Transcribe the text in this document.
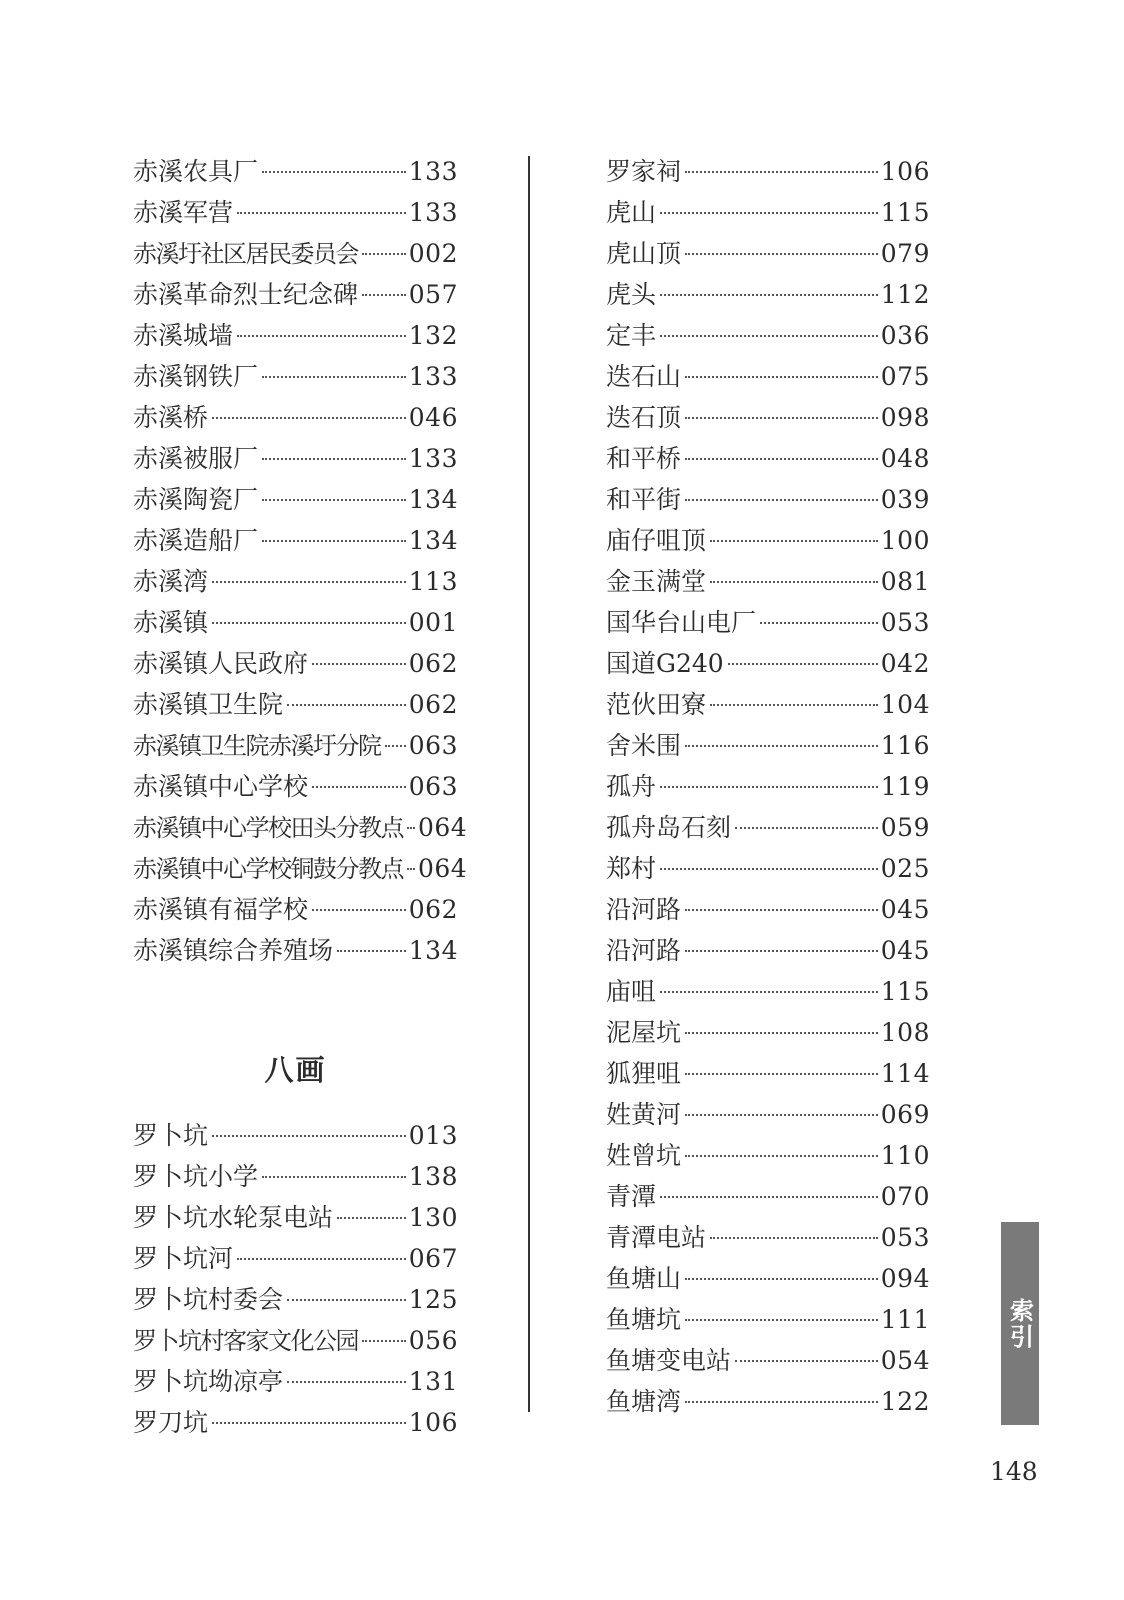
赤溪农具厂	133
赤溪军营	133
赤溪圩社区居民委员会 002
赤溪革命烈士纪念碑 057
赤溪城墙	132
赤溪钢铁厂	133
赤溪桥	046
赤溪被服厂	133
赤溪陶瓷厂	134
赤溪造船厂	134
赤溪湾	113
赤溪镇	001
赤溪镇人民政府	062
赤溪镇卫生院	062
赤溪镇卫生院赤溪圩分院 063
赤溪镇中心学校	063
赤溪镇中心学校田头分教点 064
赤溪镇中心学校铜鼓分教点 064
赤溪镇有福学校	062
赤溪镇综合养殖场	134
八画
罗卜坑	013
罗卜坑小学	138
罗卜坑水轮泵电站	130
罗卜坑河	067
罗卜坑村委会	125
罗卜坑村客家文化公园 056
罗卜坑坳凉亭	131
罗刀坑	106
罗家祠	106
虎山	115
虎山顶	079
虎头	112
定丰	036
迭石山	075
迭石顶	098
和平桥	048
和平街	039
庙仔咀顶	100
金玉满堂	081
国华台山电厂	053
国道G240	042
范伙田寮	104
舍米围	116
孤舟	119
孤舟岛石刻	059
郑村	025
沿河路	045
沿河路	045
庙咀	115
泥屋坑	108
狐狸咀	114
姓黄河	069
姓曾坑	110
青潭	070
青潭电站	053
鱼塘山	094
鱼塘坑	111
鱼塘变电站	054
鱼塘湾	122
索引
148
